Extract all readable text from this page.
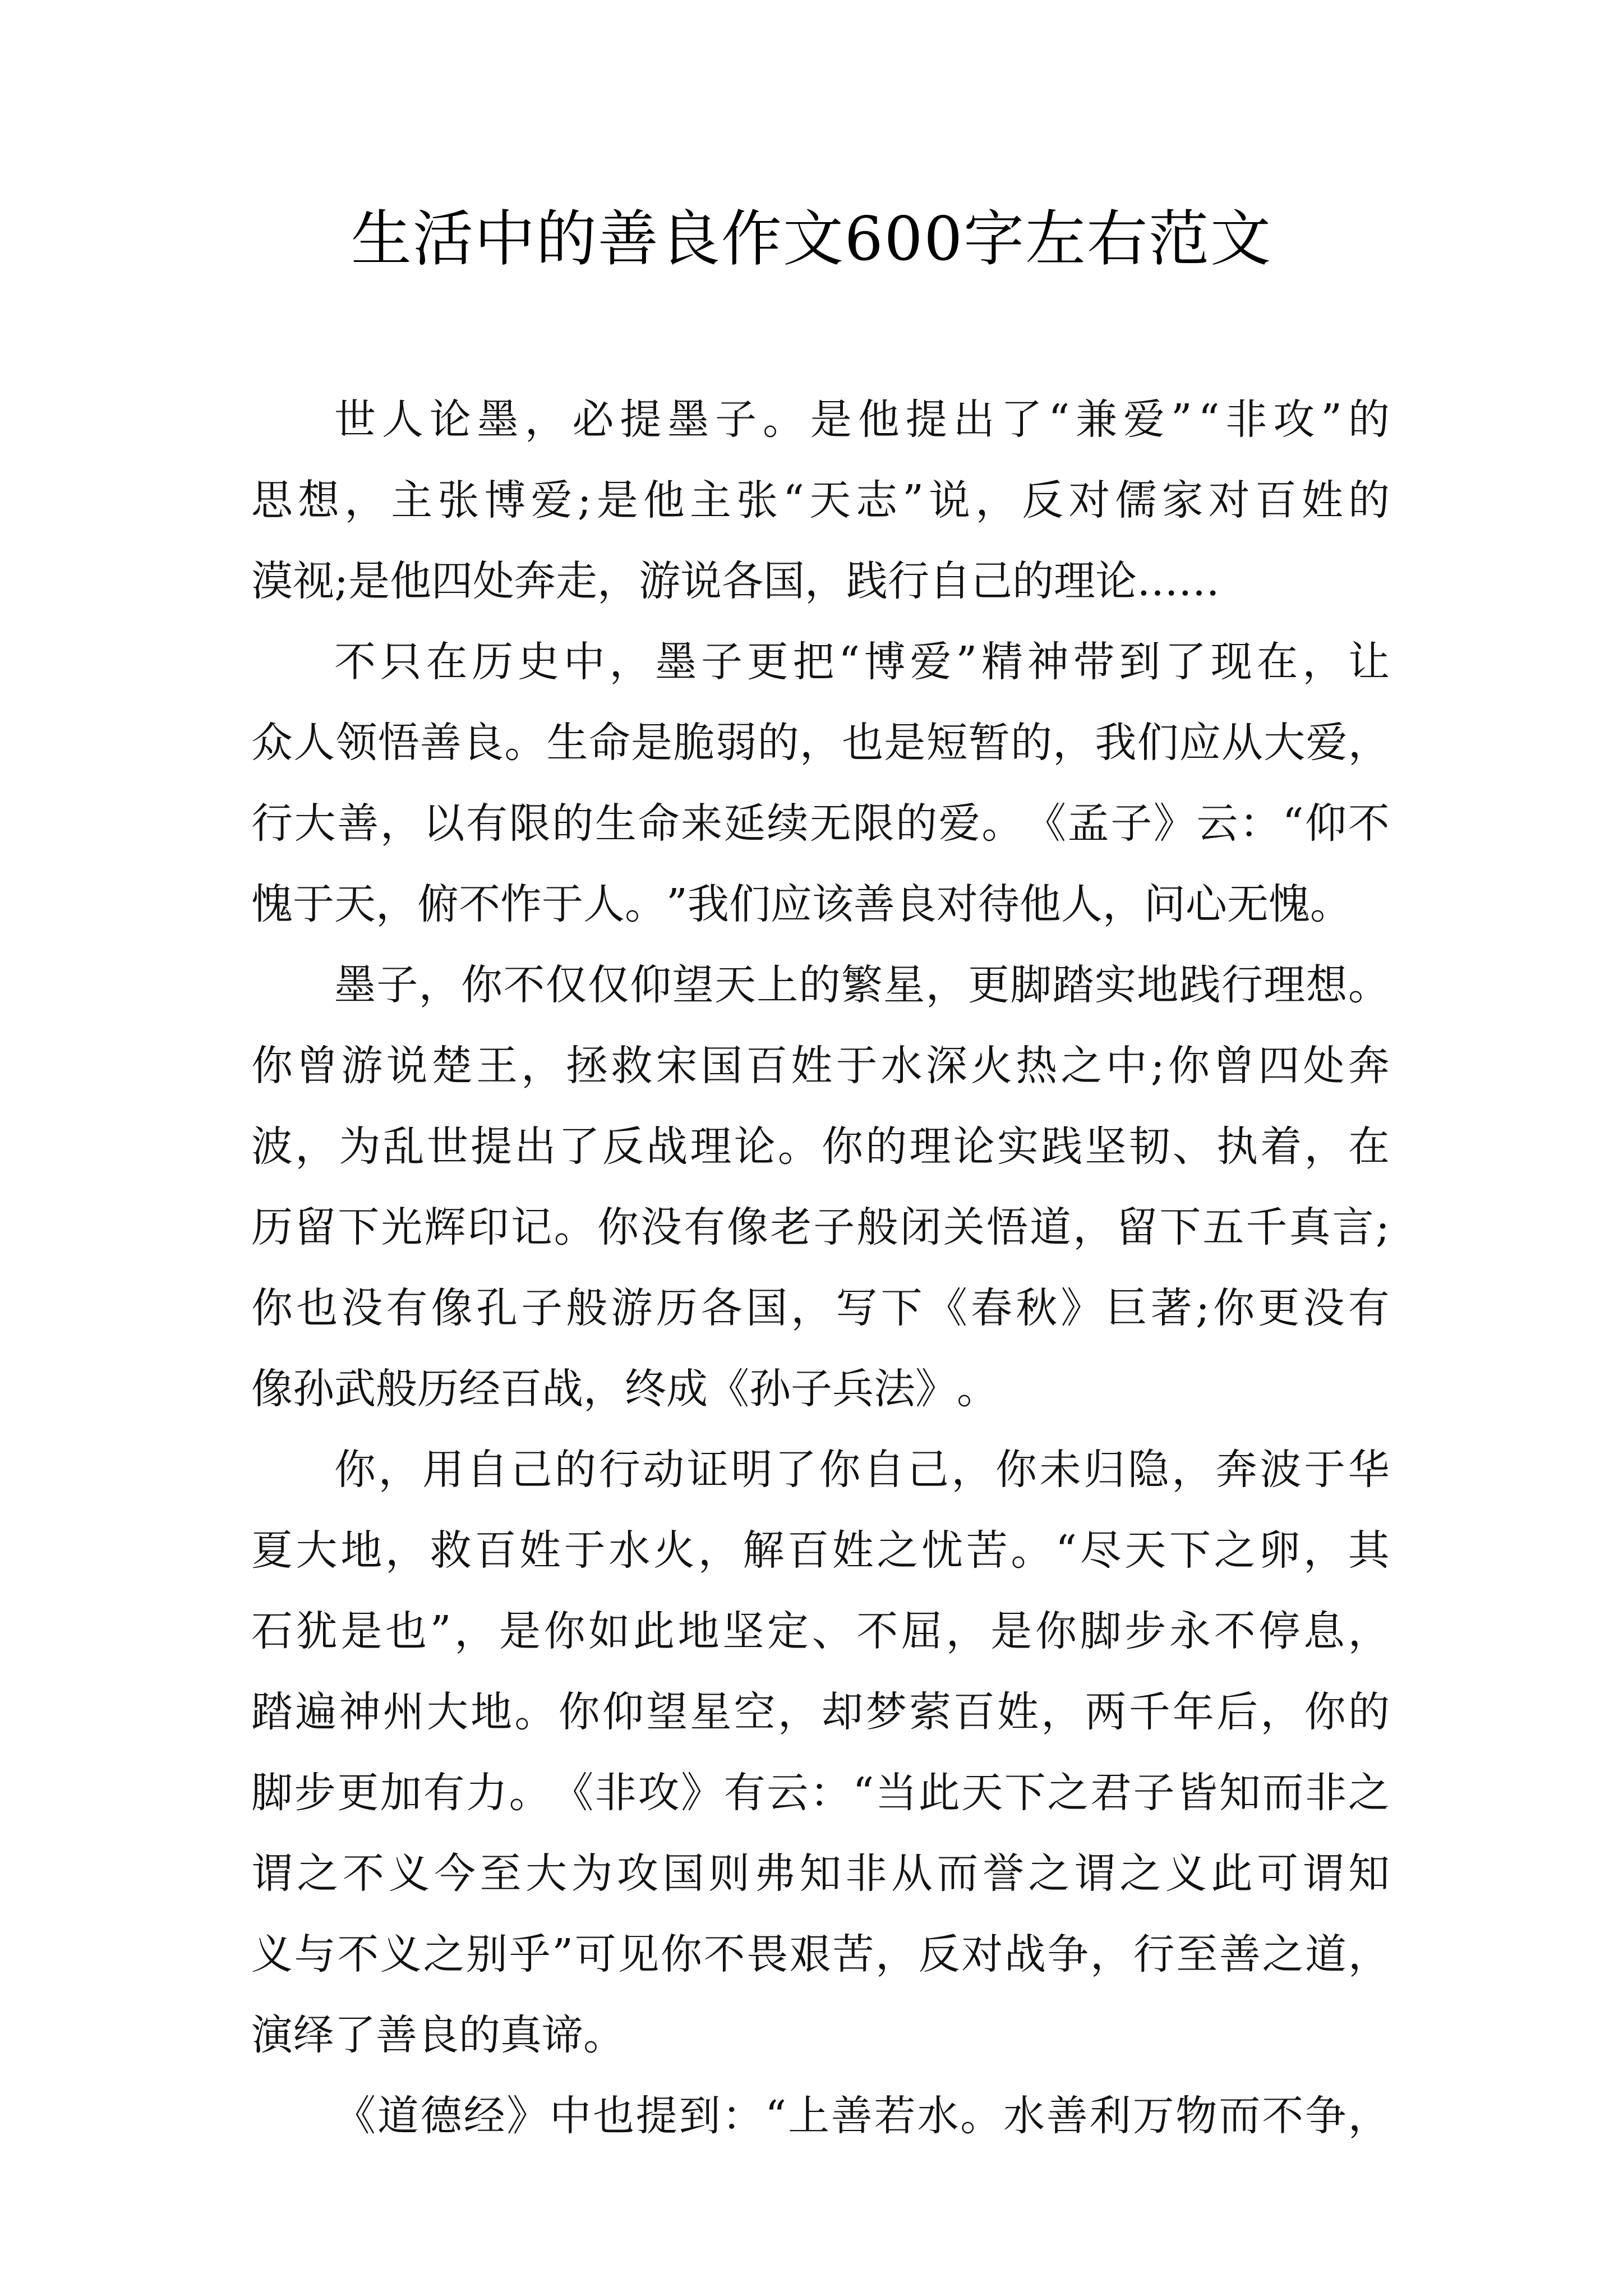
生活中的善良作文600字左右范文
世 人 论 墨 ， 必 提 墨 子 。 是 他 提 出 了 “ 兼 爱 ” “ 非 攻 ” 的
思 想 ， 主 张 博 爱 ; 是 他 主 张 “ 天 志 ” 说 ， 反 对 儒 家 对 百 姓 的
漠 视 ; 是 他 四 处 奔 走 ， 游 说 各 国 ， 践 行 自 己 的 理 论 … …
不 只 在 历 史 中 ， 墨 子 更 把 “ 博 爱 ” 精 神 带 到 了 现 在 ， 让
众 人 领 悟 善 良 。 生 命 是 脆 弱 的 ， 也 是 短 暂 的 ， 我 们 应 从 大 爱 ，
行 大 善 ， 以 有 限 的 生 命 来 延 续 无 限 的 爱 。 《 孟 子 》 云 ： “ 仰 不
愧 于 天 ， 俯 不 怍 于 人 。 ” 我 们 应 该 善 良 对 待 他 人 ， 问 心 无 愧 。
墨 子 ， 你 不 仅 仅 仰 望 天 上 的 繁 星 ， 更 脚 踏 实 地 践 行 理 想 。
你 曾 游 说 楚 王 ， 拯 救 宋 国 百 姓 于 水 深 火 热 之 中 ; 你 曾 四 处 奔
波 ， 为 乱 世 提 出 了 反 战 理 论 。 你 的 理 论 实 践 坚 韧 、 执 着 ， 在
历 留 下 光 辉 印 记 。 你 没 有 像 老 子 般 闭 关 悟 道 ， 留 下 五 千 真 言 ;
你 也 没 有 像 孔 子 般 游 历 各 国 ， 写 下 《 春 秋 》 巨 著 ; 你 更 没 有
像 孙 武 般 历 经 百 战 ， 终 成 《 孙 子 兵 法 》 。
你 ， 用 自 己 的 行 动 证 明 了 你 自 己 ， 你 未 归 隐 ， 奔 波 于 华
夏 大 地 ， 救 百 姓 于 水 火 ， 解 百 姓 之 忧 苦 。 “ 尽 天 下 之 卵 ， 其
石 犹 是 也 ” ， 是 你 如 此 地 坚 定 、 不 屈 ， 是 你 脚 步 永 不 停 息 ，
踏 遍 神 州 大 地 。 你 仰 望 星 空 ， 却 梦 萦 百 姓 ， 两 千 年 后 ， 你 的
脚 步 更 加 有 力 。 《 非 攻 》 有 云 ： “ 当 此 天 下 之 君 子 皆 知 而 非 之
谓 之 不 义 今 至 大 为 攻 国 则 弗 知 非 从 而 誉 之 谓 之 义 此 可 谓 知
义 与 不 义 之 别 乎 ” 可 见 你 不 畏 艰 苦 ， 反 对 战 争 ， 行 至 善 之 道 ，
演 绎 了 善 良 的 真 谛 。
《 道 德 经 》 中 也 提 到 ： “ 上 善 若 水 。 水 善 利 万 物 而 不 争 ，
